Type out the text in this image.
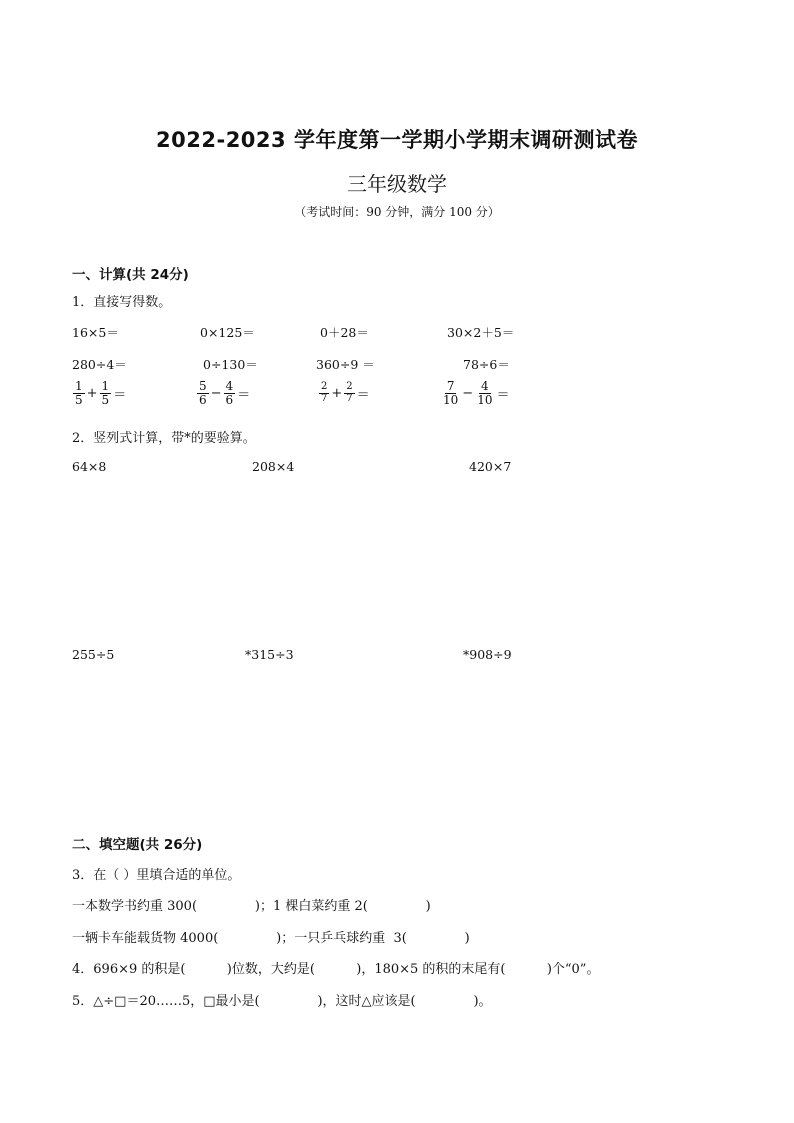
2022-2023 学年度第一学期小学期末调研测试卷
三年级数学
（考试时间：90 分钟，满分 100 分）
一、计算(共 24分)
1．直接写得数。
16×5＝	0×125＝	0＋28＝	30×2＋5＝
280÷4＝	0÷130＝	360÷9 ＝	78÷6＝
$\frac{1}{5} + \frac{1}{5}$ ＝	$\frac{5}{6} - \frac{4}{6}$ ＝	$\frac{2}{7} + \frac{2}{7}$ ＝	$\frac{7}{10} - \frac{4}{10}$ ＝
2．竖列式计算，带*的要验算。
64×8	208×4	420×7
255÷5	*315÷3	*908÷9
二、填空题(共 26分)
3．在（ ）里填合适的单位。
一本数学书约重 300(              )；1 棵白菜约重 2(              )
一辆卡车能载货物 4000(              )；一只乒乓球约重  3(              )
4．696×9 的积是(          )位数，大约是(          )，180×5 的积的末尾有(          )个“0”。
5．△÷□＝20……5，□最小是(              )，这时△应该是(              )。
